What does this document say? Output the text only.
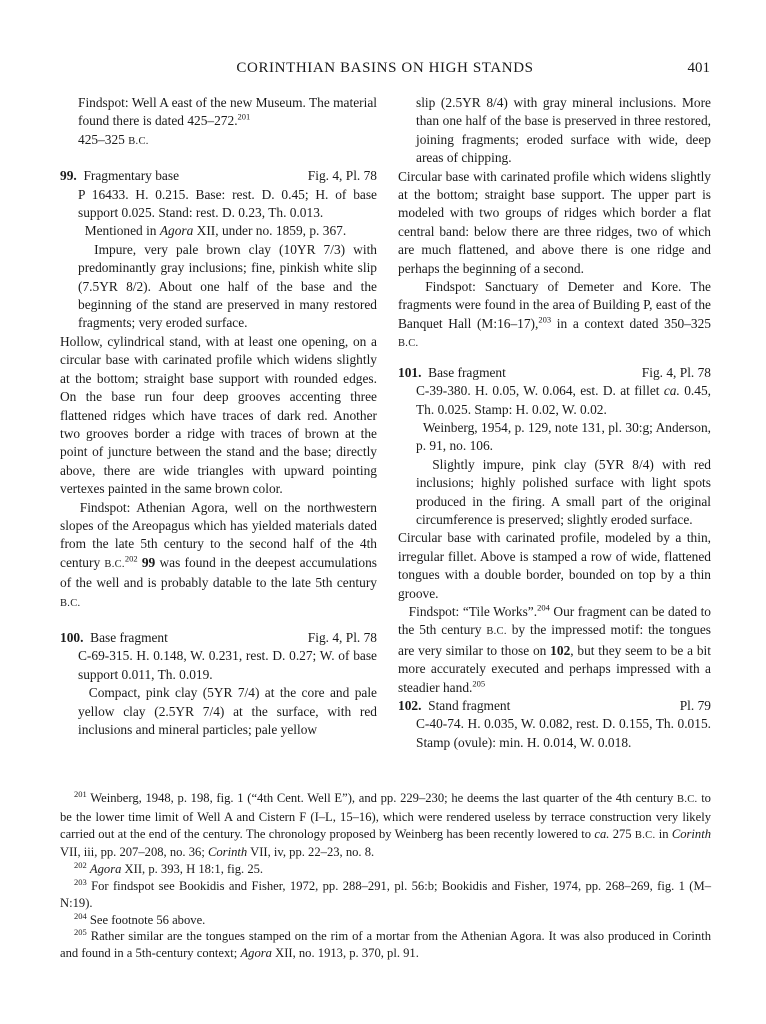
CORINTHIAN BASINS ON HIGH STANDS	401

Findspot: Well A east of the new Museum. The material found there is dated 425–272.$^{201}$

425–325 B.C.

99. Fragmentary base	Fig. 4, Pl. 78

P 16433. H. 0.215. Base: rest. D. 0.45; H. of base support 0.025. Stand: rest. D. 0.23, Th. 0.013.

Mentioned in Agora XII, under no. 1859, p. 367.

Impure, very pale brown clay (10YR 7/3) with predominantly gray inclusions; fine, pinkish white slip (7.5YR 8/2). About one half of the base and the beginning of the stand are preserved in many restored fragments; very eroded surface.

Hollow, cylindrical stand, with at least one opening, on a circular base with carinated profile which widens slightly at the bottom; straight base support with rounded edges. On the base run four deep grooves accenting three flattened ridges which have traces of dark red. Another two grooves border a ridge with traces of brown at the point of juncture between the stand and the base; directly above, there are wide triangles with upward pointing vertexes painted in the same brown color.

Findspot: Athenian Agora, well on the northwestern slopes of the Areopagus which has yielded materials dated from the late 5th century to the second half of the 4th century B.C.$^{202}$ 99 was found in the deepest accumulations of the well and is probably datable to the late 5th century B.C.

100. Base fragment	Fig. 4, Pl. 78

C-69-315. H. 0.148, W. 0.231, rest. D. 0.27; W. of base support 0.011, Th. 0.019.

Compact, pink clay (5YR 7/4) at the core and pale yellow clay (2.5YR 7/4) at the surface, with red inclusions and mineral particles; pale yellow

slip (2.5YR 8/4) with gray mineral inclusions. More than one half of the base is preserved in three restored, joining fragments; eroded surface with wide, deep areas of chipping.

Circular base with carinated profile which widens slightly at the bottom; straight base support. The upper part is modeled with two groups of ridges which border a flat central band: below there are three ridges, two of which are much flattened, and above there is one ridge and perhaps the beginning of a second.

Findspot: Sanctuary of Demeter and Kore. The fragments were found in the area of Building P, east of the Banquet Hall (M:16–17),$^{203}$ in a context dated 350–325 B.C.

101. Base fragment	Fig. 4, Pl. 78

C-39-380. H. 0.05, W. 0.064, est. D. at fillet ca. 0.45, Th. 0.025. Stamp: H. 0.02, W. 0.02.

Weinberg, 1954, p. 129, note 131, pl. 30:g; Anderson, p. 91, no. 106.

Slightly impure, pink clay (5YR 8/4) with red inclusions; highly polished surface with light spots produced in the firing. A small part of the original circumference is preserved; slightly eroded surface.

Circular base with carinated profile, modeled by a thin, irregular fillet. Above is stamped a row of wide, flattened tongues with a double border, bounded on top by a thin groove.

Findspot: “Tile Works”.$^{204}$ Our fragment can be dated to the 5th century B.C. by the impressed motif: the tongues are very similar to those on 102, but they seem to be a bit more accurately executed and perhaps impressed with a steadier hand.$^{205}$

102. Stand fragment	Pl. 79

C-40-74. H. 0.035, W. 0.082, rest. D. 0.155, Th. 0.015. Stamp (ovule): min. H. 0.014, W. 0.018.

$^{201}$ Weinberg, 1948, p. 198, fig. 1 (“4th Cent. Well E”), and pp. 229–230; he deems the last quarter of the 4th century B.C. to be the lower time limit of Well A and Cistern F (I–L, 15–16), which were rendered useless by terrace construction very likely carried out at the end of the century. The chronology proposed by Weinberg has been recently lowered to ca. 275 B.C. in Corinth VII, iii, pp. 207–208, no. 36; Corinth VII, iv, pp. 22–23, no. 8.

$^{202}$ Agora XII, p. 393, H 18:1, fig. 25.

$^{203}$ For findspot see Bookidis and Fisher, 1972, pp. 288–291, pl. 56:b; Bookidis and Fisher, 1974, pp. 268–269, fig. 1 (M–N:19).

$^{204}$ See footnote 56 above.

$^{205}$ Rather similar are the tongues stamped on the rim of a mortar from the Athenian Agora. It was also produced in Corinth and found in a 5th-century context; Agora XII, no. 1913, p. 370, pl. 91.
